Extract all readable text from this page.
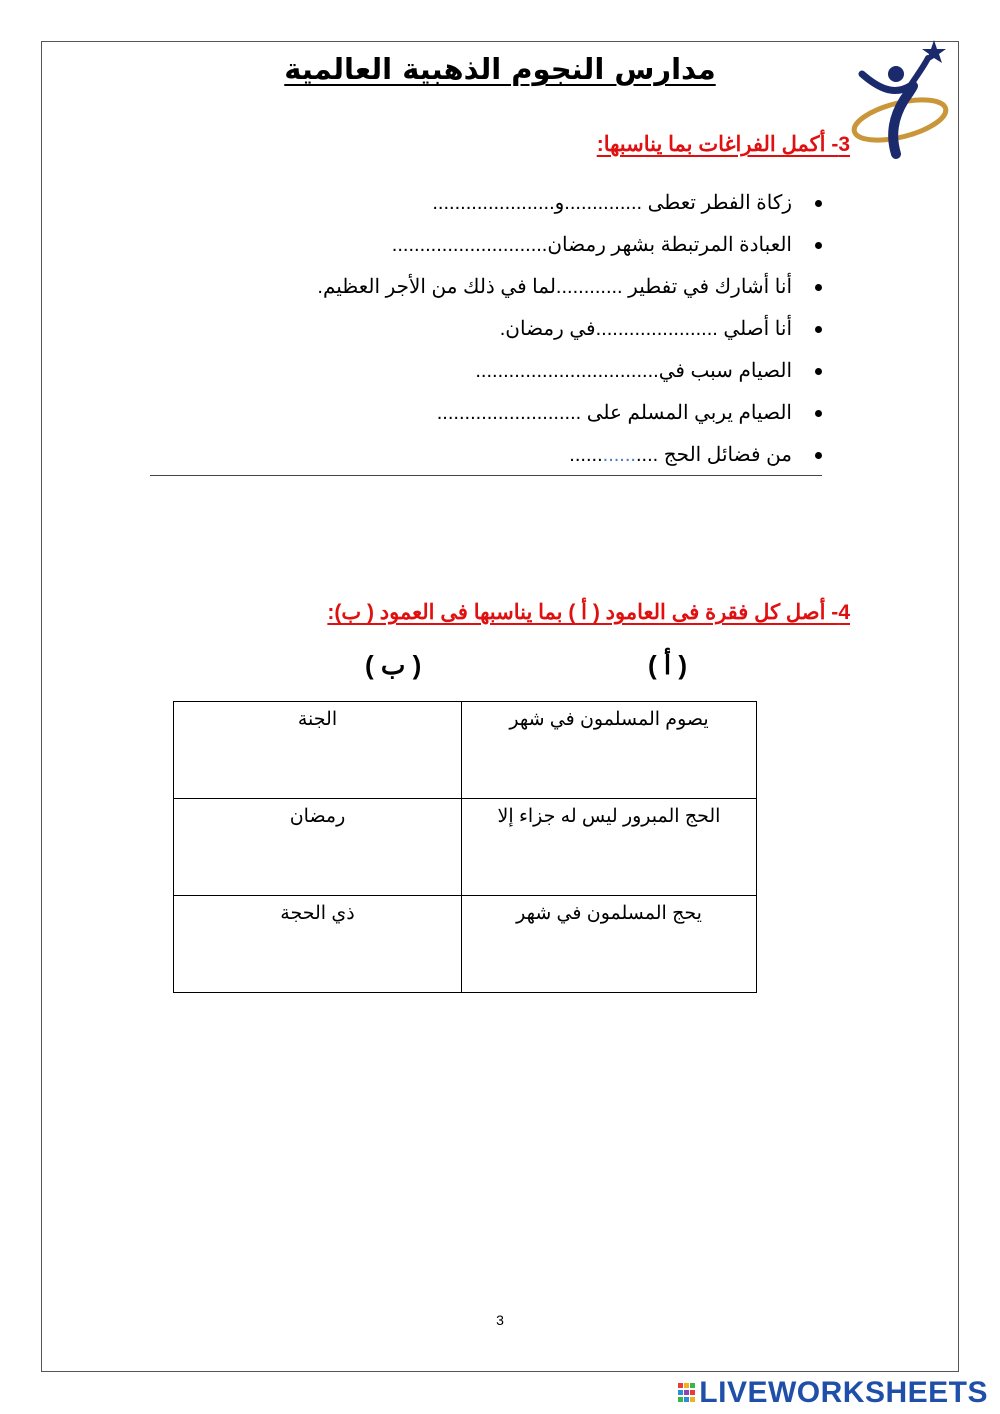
مدارس النجوم الذهبية العالمية
3- أكمل الفراغات بما يناسبها:
زكاة الفطر تعطى ..............و......................
العبادة المرتبطة بشهر رمضان............................
أنا أشارك في تفطير ............لما في ذلك من الأجر العظيم.
أنا أصلي ......................في رمضان.
الصيام سبب في.................................
الصيام يربي المسلم على ..........................
من فضائل الحج ................
4- أصل كل فقرة فى العامود ( أ ) بما يناسبها فى العمود ( ب):
( أ )
( ب )
يصوم المسلمون في شهر	الجنة
الحج المبرور ليس له جزاء إلا	رمضان
يحج المسلمون في شهر	ذي الحجة
3
LIVEWORKSHEETS
